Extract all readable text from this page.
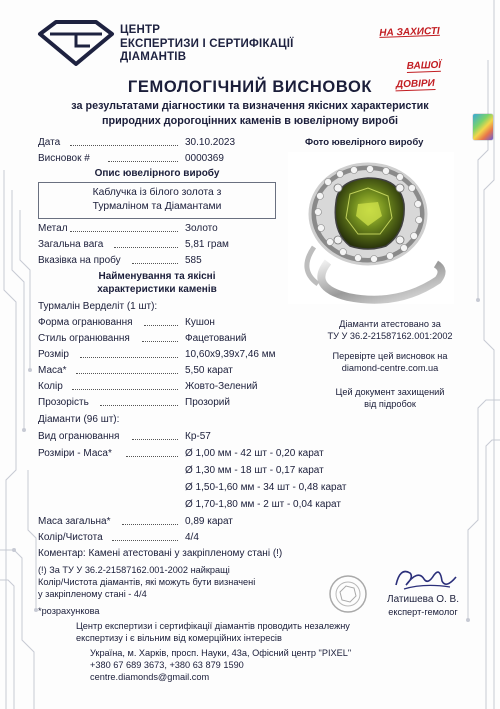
ЦЕНТР
ЕКСПЕРТИЗИ І СЕРТИФІКАЦІЇ
ДІАМАНТІВ
НА ЗАХИСТІ

ВАШОЇ
ДОВІРИ
ГЕМОЛОГІЧНИЙ ВИСНОВОК
за результатами діагностики та визначення якісних характеристик
природних дорогоцінних каменів в ювелірному виробі
Дата	30.10.2023
Висновок #	0000369
Опис ювелірного виробу
Каблучка із білого золота з
Турмаліном та Діамантами
Метал	Золото
Загальна вага	5,81 грам
Вказівка на пробу	585
Найменування та якісні
характеристики каменів
Турмалін Верделіт (1 шт):
Форма огранювання	Кушон
Стиль огранювання	Фацетований
Розмір	10,60х9,39х7,46 мм
Маса*	5,50 карат
Колір	Жовто-Зелений
Прозорість	Прозорий
Діаманти (96 шт):
Вид огранювання	Кр-57
Розміри - Маса*	Ø 1,00 мм - 42 шт - 0,20 карат
Ø 1,30 мм - 18 шт - 0,17 карат
Ø 1,50-1,60 мм - 34 шт - 0,48 карат
Ø 1,70-1,80 мм - 2 шт - 0,04 карат
Маса загальна*	0,89 карат
Колір/Чистота	4/4
Коментар: Камені атестовані у закріпленому стані (!)
(!) За ТУ У 36.2-21587162.001-2002 найкращі
Колір/Чистота діамантів, які можуть бути визначені
у закріпленому стані - 4/4
*розрахункова
Фото ювелірного виробу
Діаманти атестовано за
ТУ У 36.2-21587162.001:2002
Перевірте цей висновок на
diamond-centre.com.ua
Цей документ захищений
від підробок
Латишева О. В.
експерт-гемолог
Центр експертизи і сертифікації діамантів проводить незалежну
експертизу і є вільним від комерційних інтересів
Україна, м. Харків, просп. Науки, 43а, Офісний центр "PIXEL"
+380 67 689 3673, +380 63 879 1590
centre.diamonds@gmail.com
